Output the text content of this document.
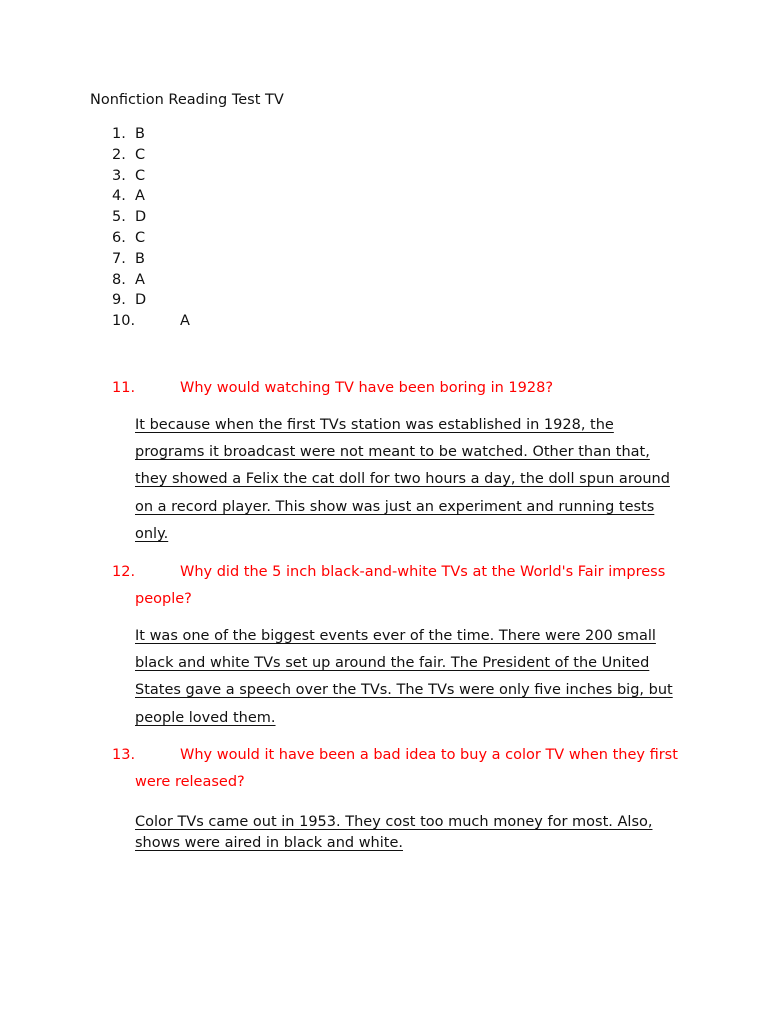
Nonfiction Reading Test TV
1. B
2. C
3. C
4. A
5. D
6. C
7. B
8. A
9. D
10.	A
11.	Why would watching TV have been boring in 1928?
It because when the first TVs station was established in 1928, the programs it broadcast were not meant to be watched. Other than that, they showed a Felix the cat doll for two hours a day, the doll spun around on a record player. This show was just an experiment and running tests only.
12.	Why did the 5 inch black-and-white TVs at the World's Fair impress people?
It was one of the biggest events ever of the time. There were 200 small black and white TVs set up around the fair. The President of the United States gave a speech over the TVs. The TVs were only five inches big, but people loved them.
13.	Why would it have been a bad idea to buy a color TV when they first were released?
Color TVs came out in 1953. They cost too much money for most. Also, shows were aired in black and white.
